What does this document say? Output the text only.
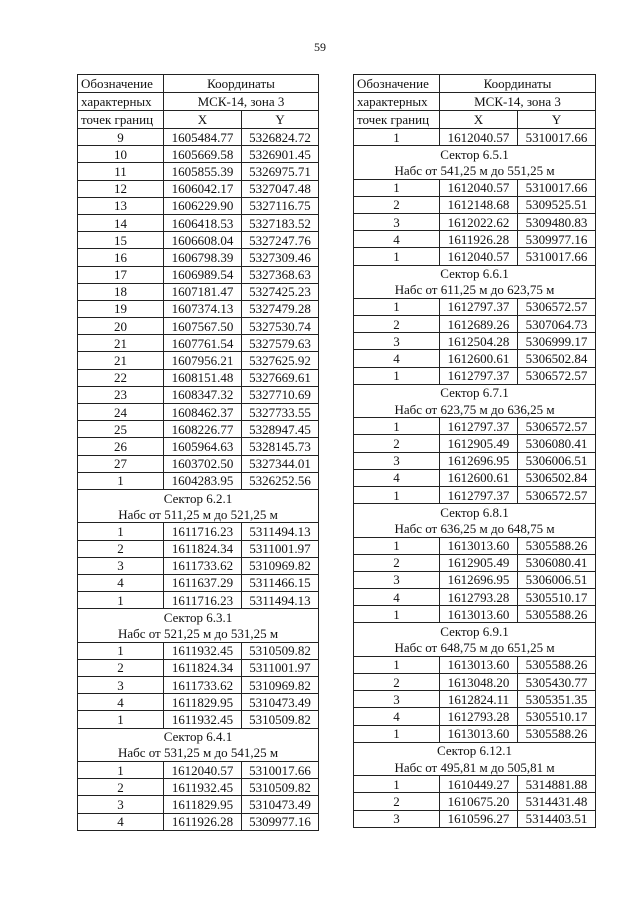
59
Обозначение	Координаты	
характерных	МСК-14, зона 3	
точек границ	X	Y
9	1605484.77	5326824.72
10	1605669.58	5326901.45
11	1605855.39	5326975.71
12	1606042.17	5327047.48
13	1606229.90	5327116.75
14	1606418.53	5327183.52
15	1606608.04	5327247.76
16	1606798.39	5327309.46
17	1606989.54	5327368.63
18	1607181.47	5327425.23
19	1607374.13	5327479.28
20	1607567.50	5327530.74
21	1607761.54	5327579.63
21	1607956.21	5327625.92
22	1608151.48	5327669.61
23	1608347.32	5327710.69
24	1608462.37	5327733.55
25	1608226.77	5328947.45
26	1605964.63	5328145.73
27	1603702.50	5327344.01
1	1604283.95	5326252.56
Сектор 6.2.1		
Набс от 511,25 м до 521,25 м		
1	1611716.23	5311494.13
2	1611824.34	5311001.97
3	1611733.62	5310969.82
4	1611637.29	5311466.15
1	1611716.23	5311494.13
Сектор 6.3.1		
Набс от 521,25 м до 531,25 м		
1	1611932.45	5310509.82
2	1611824.34	5311001.97
3	1611733.62	5310969.82
4	1611829.95	5310473.49
1	1611932.45	5310509.82
Сектор 6.4.1		
Набс от 531,25 м до 541,25 м		
1	1612040.57	5310017.66
2	1611932.45	5310509.82
3	1611829.95	5310473.49
4	1611926.28	5309977.16
Обозначение	Координаты	
характерных	МСК-14, зона 3	
точек границ	X	Y
1	1612040.57	5310017.66
Сектор 6.5.1		
Набс от 541,25 м до 551,25 м		
1	1612040.57	5310017.66
2	1612148.68	5309525.51
3	1612022.62	5309480.83
4	1611926.28	5309977.16
1	1612040.57	5310017.66
Сектор 6.6.1		
Набс от 611,25 м до 623,75 м		
1	1612797.37	5306572.57
2	1612689.26	5307064.73
3	1612504.28	5306999.17
4	1612600.61	5306502.84
1	1612797.37	5306572.57
Сектор 6.7.1		
Набс от 623,75 м до 636,25 м		
1	1612797.37	5306572.57
2	1612905.49	5306080.41
3	1612696.95	5306006.51
4	1612600.61	5306502.84
1	1612797.37	5306572.57
Сектор 6.8.1		
Набс от 636,25 м до 648,75 м		
1	1613013.60	5305588.26
2	1612905.49	5306080.41
3	1612696.95	5306006.51
4	1612793.28	5305510.17
1	1613013.60	5305588.26
Сектор 6.9.1		
Набс от 648,75 м до 651,25 м		
1	1613013.60	5305588.26
2	1613048.20	5305430.77
3	1612824.11	5305351.35
4	1612793.28	5305510.17
1	1613013.60	5305588.26
Сектор 6.12.1		
Набс от 495,81 м до 505,81 м		
1	1610449.27	5314881.88
2	1610675.20	5314431.48
3	1610596.27	5314403.51
